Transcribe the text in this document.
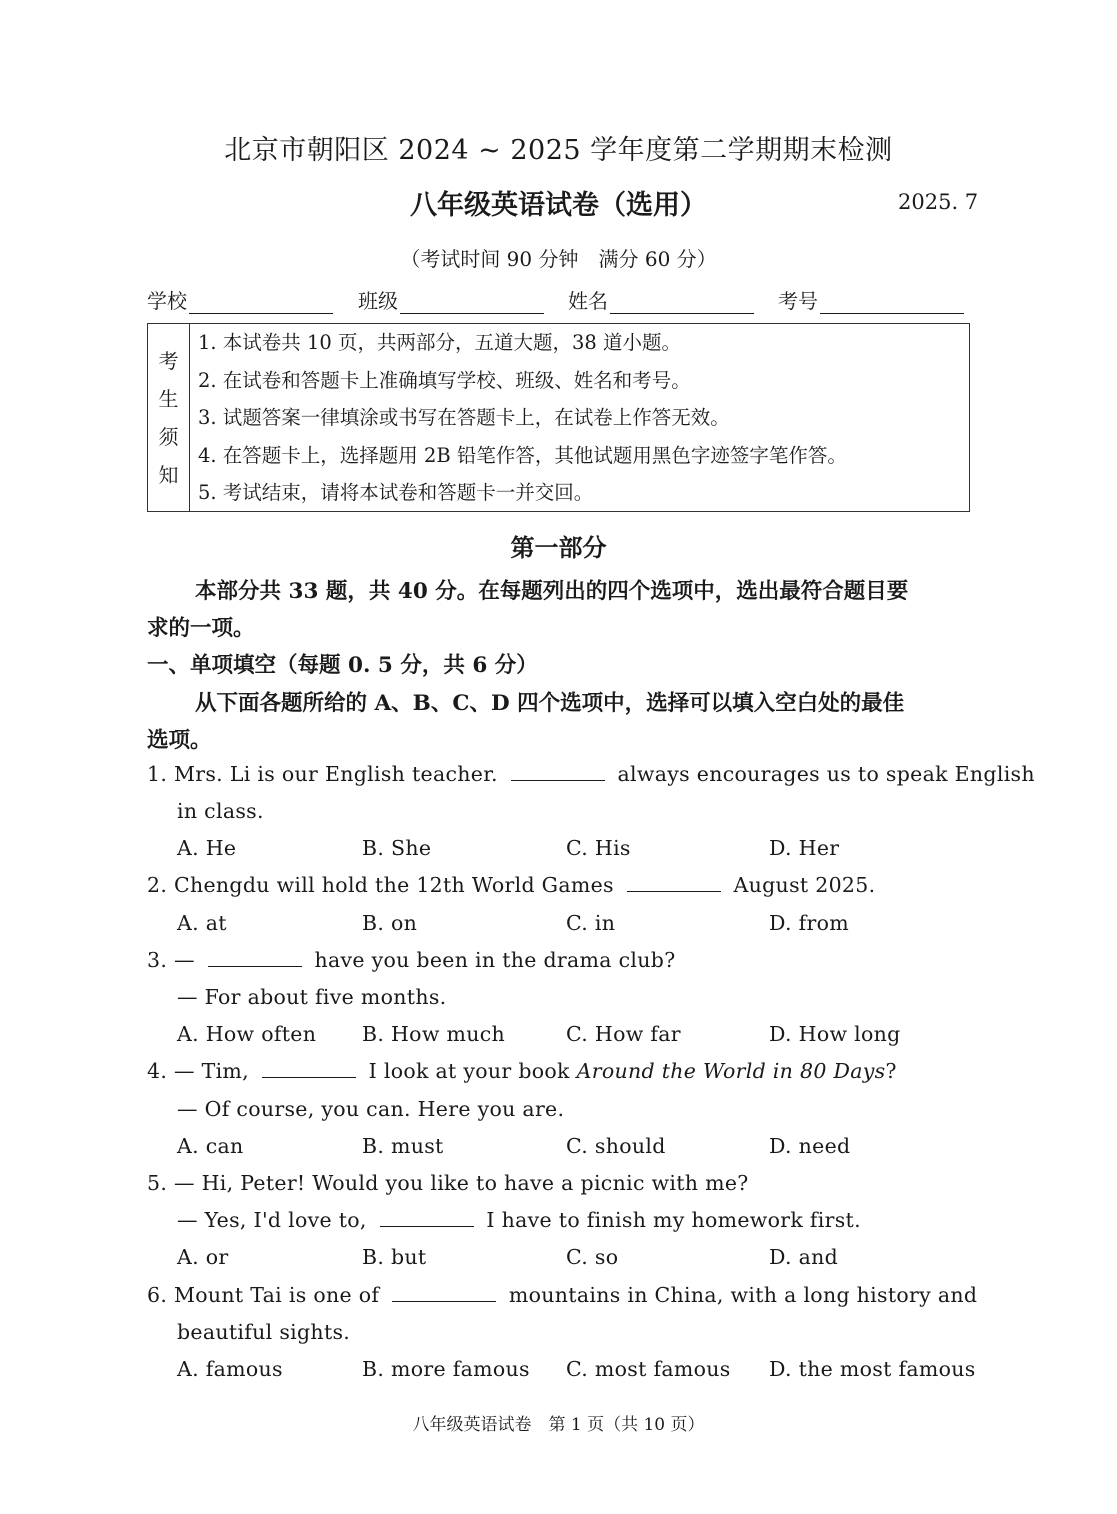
北京市朝阳区 2024 ~ 2025 学年度第二学期期末检测
八年级英语试卷（选用）	2025. 7
（考试时间 90 分钟　满分 60 分）
学校	班级	姓名	考号
考
生
须
知
1. 本试卷共 10 页，共两部分，五道大题，38 道小题。
2. 在试卷和答题卡上准确填写学校、班级、姓名和考号。
3. 试题答案一律填涂或书写在答题卡上，在试卷上作答无效。
4. 在答题卡上，选择题用 2B 铅笔作答，其他试题用黑色字迹签字笔作答。
5. 考试结束，请将本试卷和答题卡一并交回。
第一部分
本部分共 33 题，共 40 分。在每题列出的四个选项中，选出最符合题目要
求的一项。
一、单项填空（每题 0. 5 分，共 6 分）
从下面各题所给的 A、B、C、D 四个选项中，选择可以填入空白处的最佳
选项。
1. Mrs. Li is our English teacher.	always encourages us to speak English
in class.
A. He	B. She	C. His	D. Her
2. Chengdu will hold the 12th World Games	August 2025.
A. at	B. on	C. in	D. from
3. —	have you been in the drama club?
— For about five months.
A. How often B. How much	C. How far	D. How long
4. — Tim,	I look at your book Around the World in 80 Days?
— Of course, you can. Here you are.
A. can	B. must	C. should	D. need
5. — Hi, Peter! Would you like to have a picnic with me?
— Yes, I'd love to,	I have to finish my homework first.
A. or	B. but	C. so	D. and
6. Mount Tai is one of	mountains in China, with a long history and
beautiful sights.
A. famous	B. more famous C. most famous D. the most famous
八年级英语试卷　第 1 页（共 10 页）
